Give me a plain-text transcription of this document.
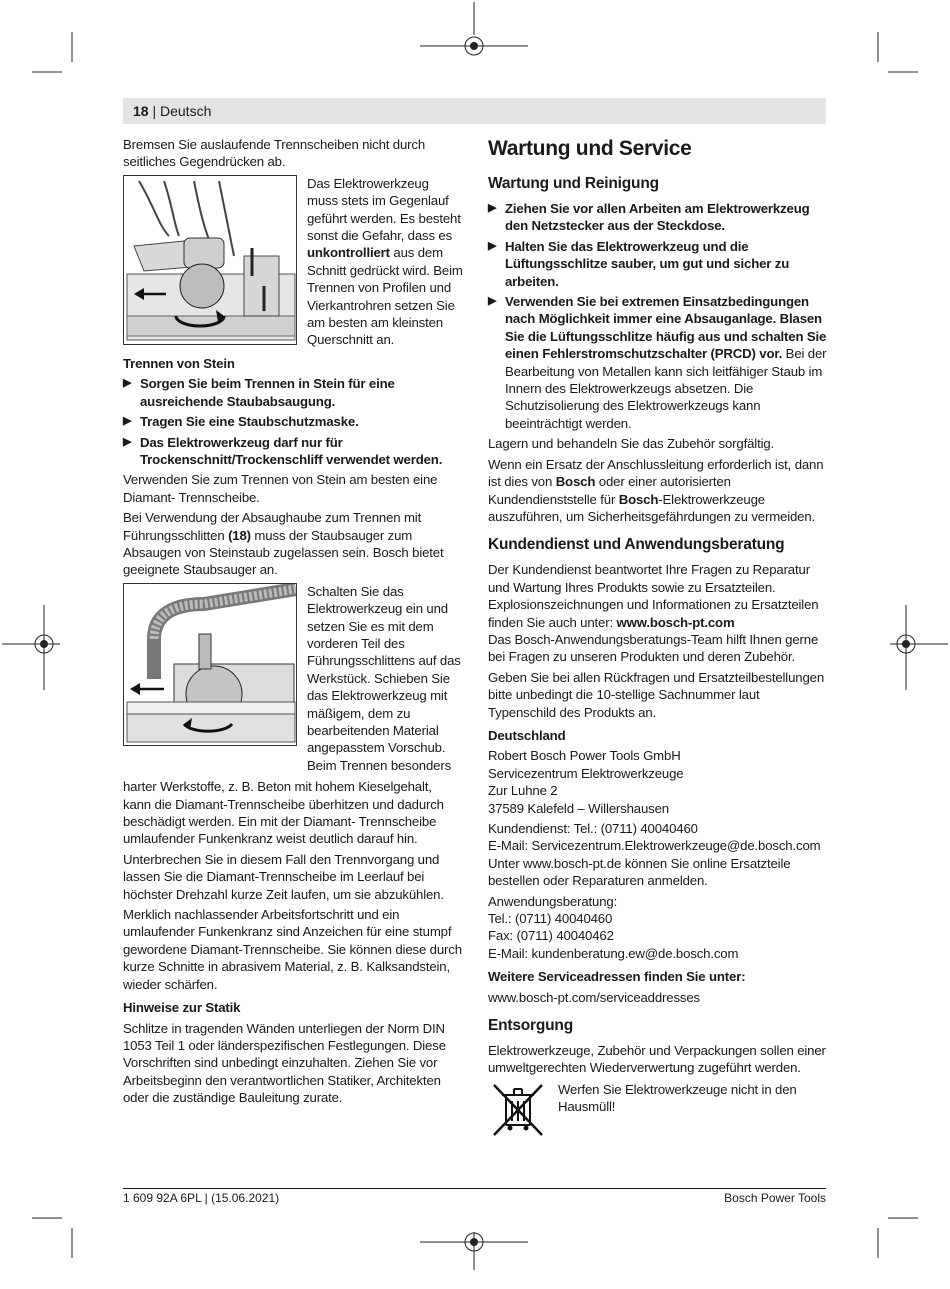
18 | Deutsch
Bremsen Sie auslaufende Trennscheiben nicht durch seitliches Gegendrücken ab.
Das Elektrowerkzeug muss stets im Gegenlauf geführt werden. Es besteht sonst die Gefahr, dass es unkontrolliert aus dem Schnitt gedrückt wird. Beim Trennen von Profilen und Vierkantrohren setzen Sie am besten am kleinsten Querschnitt an.
Trennen von Stein
▶ Sorgen Sie beim Trennen in Stein für eine ausreichende Staubabsaugung.
▶ Tragen Sie eine Staubschutzmaske.
▶ Das Elektrowerkzeug darf nur für Trockenschnitt/Trockenschliff verwendet werden.
Verwenden Sie zum Trennen von Stein am besten eine Diamant- Trennscheibe.
Bei Verwendung der Absaughaube zum Trennen mit Führungsschlitten (18) muss der Staubsauger zum Absaugen von Steinstaub zugelassen sein. Bosch bietet geeignete Staubsauger an.
Schalten Sie das Elektrowerkzeug ein und setzen Sie es mit dem vorderen Teil des Führungsschlittens auf das Werkstück. Schieben Sie das Elektrowerkzeug mit mäßigem, dem zu bearbeitenden Material angepasstem Vorschub.
Beim Trennen besonders
harter Werkstoffe, z. B. Beton mit hohem Kieselgehalt, kann die Diamant-Trennscheibe überhitzen und dadurch beschädigt werden. Ein mit der Diamant- Trennscheibe umlaufender Funkenkranz weist deutlich darauf hin.
Unterbrechen Sie in diesem Fall den Trennvorgang und lassen Sie die Diamant-Trennscheibe im Leerlauf bei höchster Drehzahl kurze Zeit laufen, um sie abzukühlen.
Merklich nachlassender Arbeitsfortschritt und ein umlaufender Funkenkranz sind Anzeichen für eine stumpf gewordene Diamant-Trennscheibe. Sie können diese durch kurze Schnitte in abrasivem Material, z. B. Kalksandstein, wieder schärfen.
Hinweise zur Statik
Schlitze in tragenden Wänden unterliegen der Norm DIN 1053 Teil 1 oder länderspezifischen Festlegungen. Diese Vorschriften sind unbedingt einzuhalten. Ziehen Sie vor Arbeitsbeginn den verantwortlichen Statiker, Architekten oder die zuständige Bauleitung zurate.
Wartung und Service
Wartung und Reinigung
▶ Ziehen Sie vor allen Arbeiten am Elektrowerkzeug den Netzstecker aus der Steckdose.
▶ Halten Sie das Elektrowerkzeug und die Lüftungsschlitze sauber, um gut und sicher zu arbeiten.
▶ Verwenden Sie bei extremen Einsatzbedingungen nach Möglichkeit immer eine Absauganlage. Blasen Sie die Lüftungsschlitze häufig aus und schalten Sie einen Fehlerstromschutzschalter (PRCD) vor. Bei der Bearbeitung von Metallen kann sich leitfähiger Staub im Innern des Elektrowerkzeugs absetzen. Die Schutzisolierung des Elektrowerkzeugs kann beeinträchtigt werden.
Lagern und behandeln Sie das Zubehör sorgfältig.
Wenn ein Ersatz der Anschlussleitung erforderlich ist, dann ist dies von Bosch oder einer autorisierten Kundendienststelle für Bosch-Elektrowerkzeuge auszuführen, um Sicherheitsgefährdungen zu vermeiden.
Kundendienst und Anwendungsberatung
Der Kundendienst beantwortet Ihre Fragen zu Reparatur und Wartung Ihres Produkts sowie zu Ersatzteilen. Explosionszeichnungen und Informationen zu Ersatzteilen finden Sie auch unter: www.bosch-pt.com
Das Bosch-Anwendungsberatungs-Team hilft Ihnen gerne bei Fragen zu unseren Produkten und deren Zubehör.
Geben Sie bei allen Rückfragen und Ersatzteilbestellungen bitte unbedingt die 10-stellige Sachnummer laut Typenschild des Produkts an.
Deutschland
Robert Bosch Power Tools GmbH
Servicezentrum Elektrowerkzeuge
Zur Luhne 2
37589 Kalefeld – Willershausen
Kundendienst: Tel.: (0711) 40040460
E-Mail: Servicezentrum.Elektrowerkzeuge@de.bosch.com
Unter www.bosch-pt.de können Sie online Ersatzteile bestellen oder Reparaturen anmelden.
Anwendungsberatung:
Tel.: (0711) 40040460
Fax: (0711) 40040462
E-Mail: kundenberatung.ew@de.bosch.com
Weitere Serviceadressen finden Sie unter:
www.bosch-pt.com/serviceaddresses
Entsorgung
Elektrowerkzeuge, Zubehör und Verpackungen sollen einer umweltgerechten Wiederverwertung zugeführt werden.
Werfen Sie Elektrowerkzeuge nicht in den Hausmüll!
1 609 92A 6PL | (15.06.2021)	Bosch Power Tools
